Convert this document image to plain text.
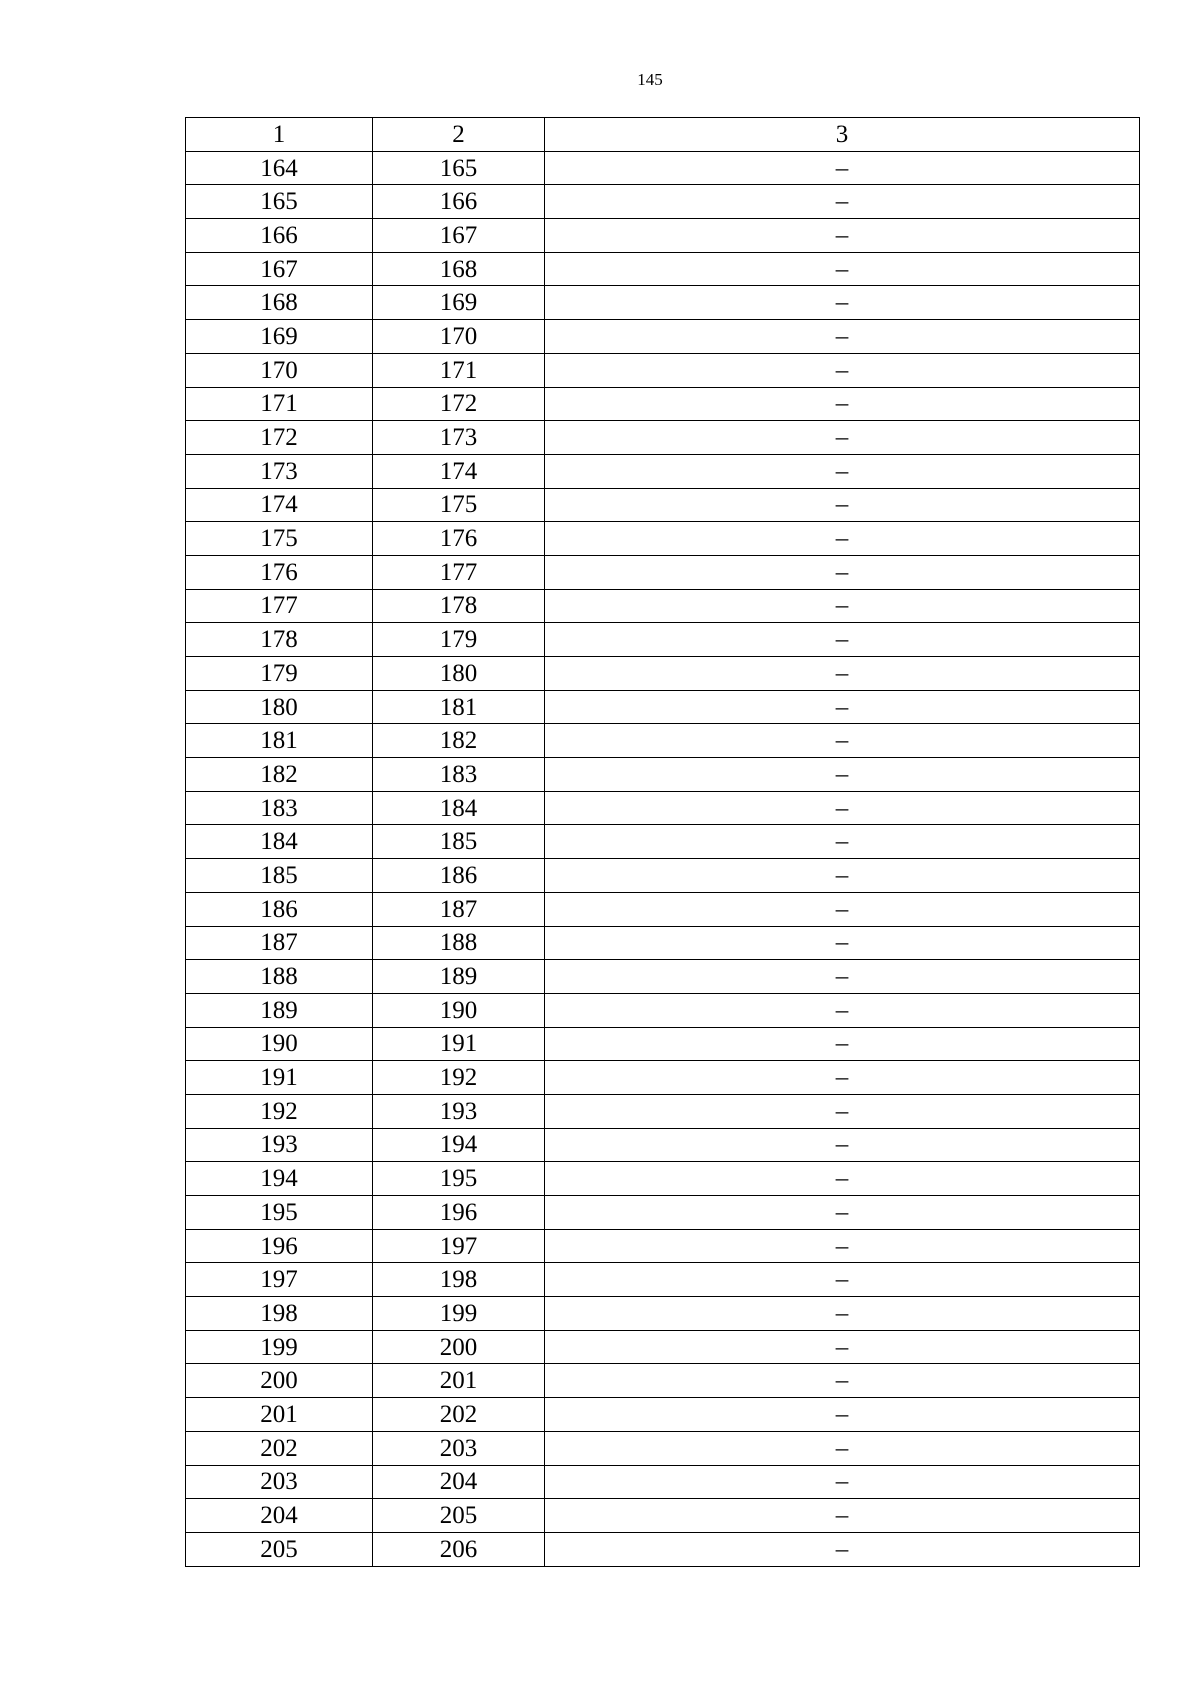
145
1	2	3
164	165	–
165	166	–
166	167	–
167	168	–
168	169	–
169	170	–
170	171	–
171	172	–
172	173	–
173	174	–
174	175	–
175	176	–
176	177	–
177	178	–
178	179	–
179	180	–
180	181	–
181	182	–
182	183	–
183	184	–
184	185	–
185	186	–
186	187	–
187	188	–
188	189	–
189	190	–
190	191	–
191	192	–
192	193	–
193	194	–
194	195	–
195	196	–
196	197	–
197	198	–
198	199	–
199	200	–
200	201	–
201	202	–
202	203	–
203	204	–
204	205	–
205	206	–
